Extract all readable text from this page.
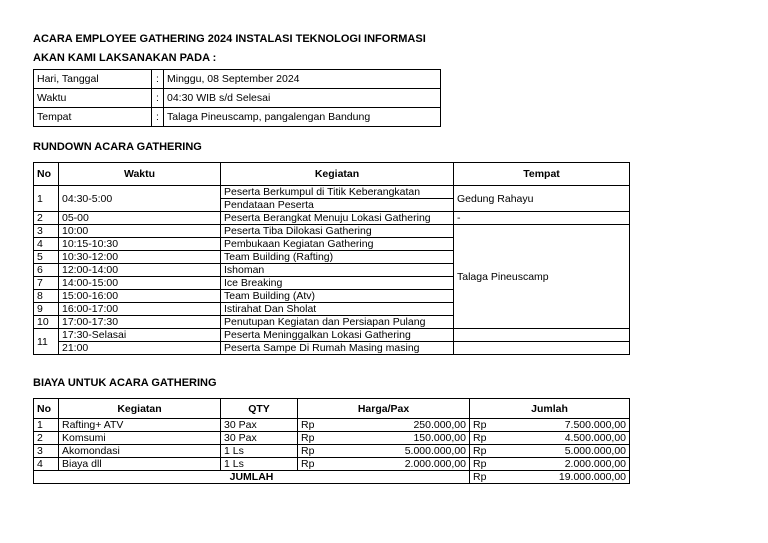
ACARA EMPLOYEE GATHERING 2024 INSTALASI TEKNOLOGI INFORMASI
AKAN KAMI LAKSANAKAN PADA :
Hari, Tanggal	:	Minggu, 08 September 2024
Waktu	:	04:30 WIB s/d Selesai
Tempat	:	Talaga Pineuscamp, pangalengan Bandung
RUNDOWN ACARA GATHERING
No	Waktu	Kegiatan	Tempat
1	04:30-5:00	Peserta Berkumpul di Titik Keberangkatan	Gedung Rahayu
		Pendataan Peserta	
2	05-00	Peserta Berangkat Menuju Lokasi Gathering	-
3	10:00	Peserta Tiba Dilokasi Gathering	Talaga Pineuscamp
4	10:15-10:30	Pembukaan Kegiatan Gathering	
5	10:30-12:00	Team Building (Rafting)	
6	12:00-14:00	Ishoman	
7	14:00-15:00	Ice Breaking	
8	15:00-16:00	Team Building (Atv)	
9	16:00-17:00	Istirahat Dan Sholat	
10	17:00-17:30	Penutupan Kegiatan dan Persiapan Pulang	
11	17:30-Selasai	Peserta Meninggalkan Lokasi Gathering	
	21:00	Peserta Sampe Di Rumah Masing masing	
BIAYA UNTUK ACARA GATHERING
No	Kegiatan	QTY	Harga/Pax		Jumlah	
1	Rafting+ ATV	30 Pax	Rp	250.000,00	Rp	7.500.000,00
2	Komsumi	30 Pax	Rp	150.000,00	Rp	4.500.000,00
3	Akomondasi	1 Ls	Rp	5.000.000,00	Rp	5.000.000,00
4	Biaya dll	1 Ls	Rp	2.000.000,00	Rp	2.000.000,00
JUMLAH					Rp	19.000.000,00
